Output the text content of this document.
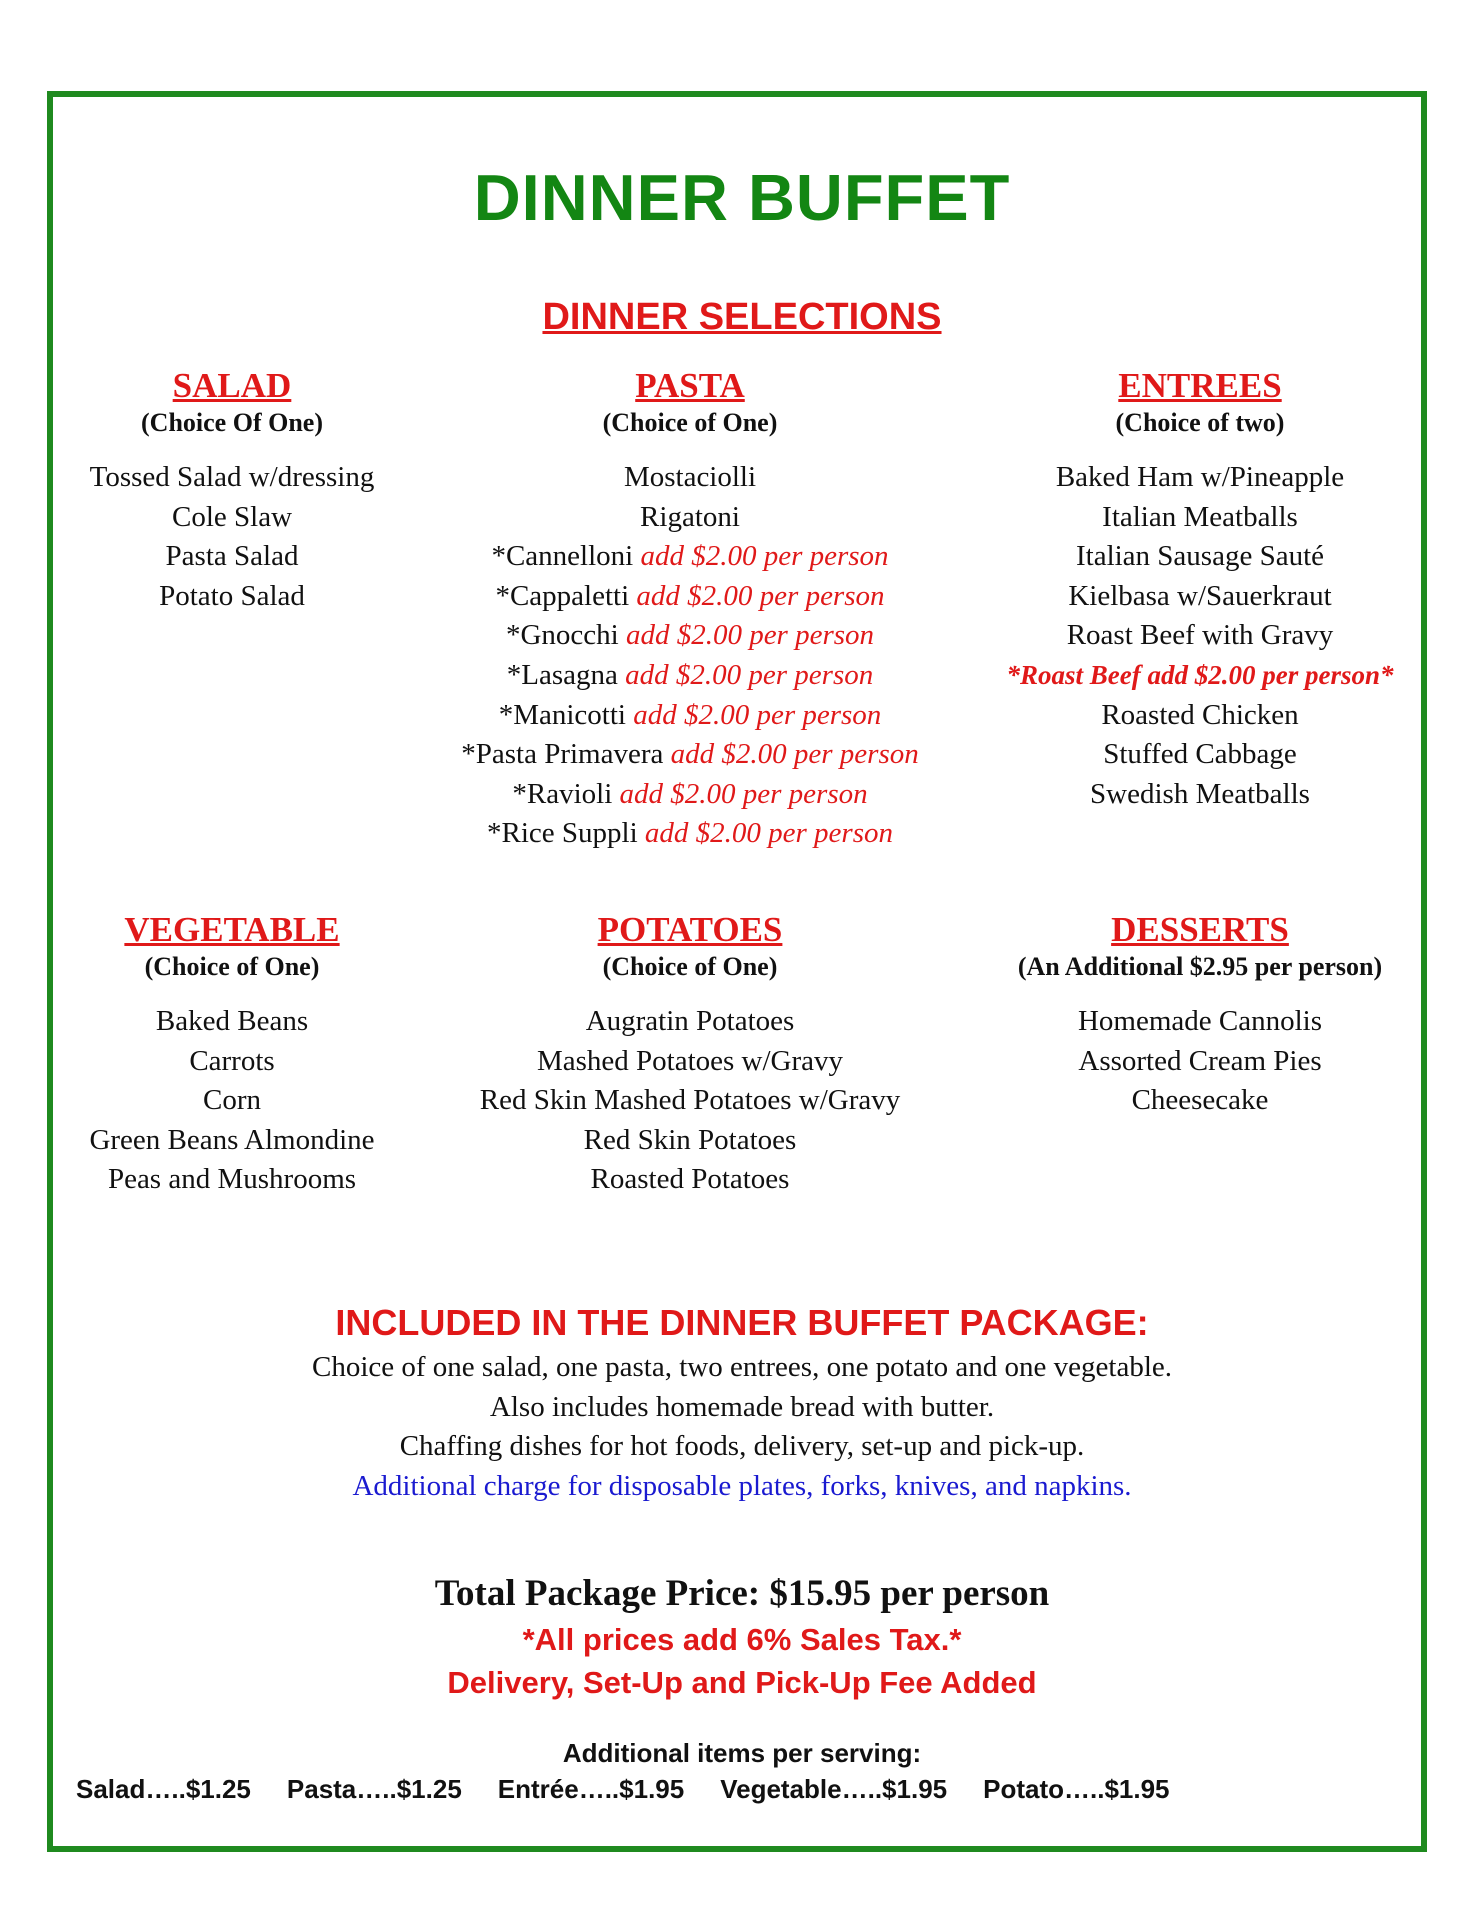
DINNER BUFFET
DINNER SELECTIONS
SALAD
(Choice Of One)
Tossed Salad w/dressing
Cole Slaw
Pasta Salad
Potato Salad
PASTA
(Choice of One)
Mostaciolli
Rigatoni
*Cannelloni add $2.00 per person
*Cappaletti add $2.00 per person
*Gnocchi add $2.00 per person
*Lasagna add $2.00 per person
*Manicotti add $2.00 per person
*Pasta Primavera add $2.00 per person
*Ravioli add $2.00 per person
*Rice Suppli add $2.00 per person
ENTREES
(Choice of two)
Baked Ham w/Pineapple
Italian Meatballs
Italian Sausage Sauté
Kielbasa w/Sauerkraut
Roast Beef with Gravy
*Roast Beef add $2.00 per person*
Roasted Chicken
Stuffed Cabbage
Swedish Meatballs
VEGETABLE
(Choice of One)
Baked Beans
Carrots
Corn
Green Beans Almondine
Peas and Mushrooms
POTATOES
(Choice of One)
Augratin Potatoes
Mashed Potatoes w/Gravy
Red Skin Mashed Potatoes w/Gravy
Red Skin Potatoes
Roasted Potatoes
DESSERTS
(An Additional $2.95 per person)
Homemade Cannolis
Assorted Cream Pies
Cheesecake
INCLUDED IN THE DINNER BUFFET PACKAGE:
Choice of one salad, one pasta, two entrees, one potato and one vegetable.
Also includes homemade bread with butter.
Chaffing dishes for hot foods, delivery, set-up and pick-up.
Additional charge for disposable plates, forks, knives, and napkins.
Total Package Price: $15.95 per person
*All prices add 6% Sales Tax.*
Delivery, Set-Up and Pick-Up Fee Added
Additional items per serving:
Salad…..$1.25 Pasta…..$1.25 Entrée…..$1.95 Vegetable…..$1.95 Potato…..$1.95
